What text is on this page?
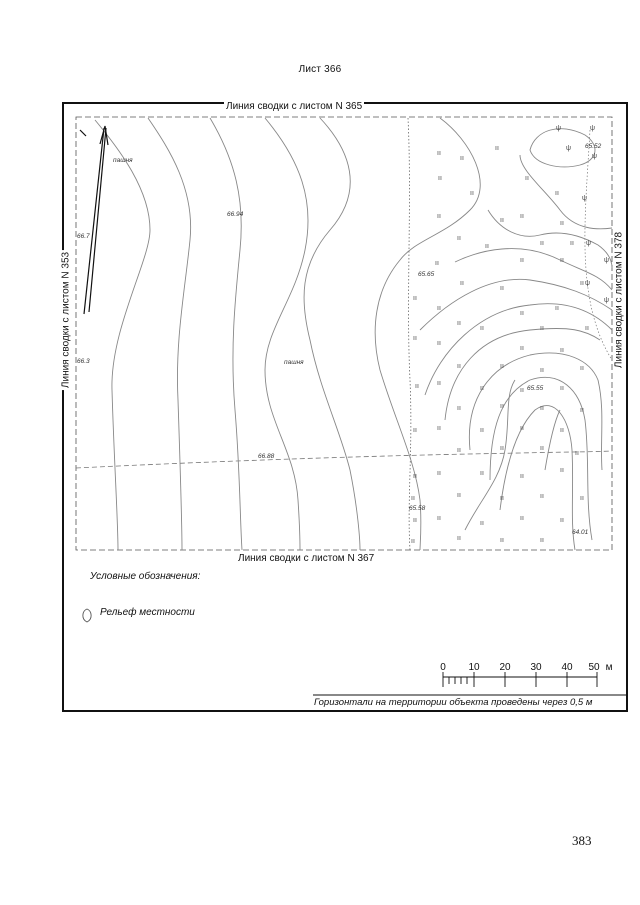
Лист 366
ıı
ıı
ıı
ıı
ıı
ıı
ıı
ıı
ıı
ıı
ıı
ıı
ıı	ıı	ıı
ıı	ıı	ıı
ıı
ıı
ıı
ıı
ıı
ıı
ıı
ıı
ıı	ıı	ıı
ıı
ıı
ıı	ıı
ıı	ıı
ıı	ıı
ıı	ıı
ıı	ıı	ıı
ıı	ıı	ıı	ıı
ıı	ıı	ıı	ıı	ıı
ıı	ıı	ıı
ıı
ıı	ıı	ıı	ıı
ıı
ıı	ıı	ıı	ıı	ıı
ıı	ıı
ıı
ıı	ıı
ıı	ıı	ıı	ıı
ψ	ψ
ψ
ψ
ψ
ψ
ψ
ψ
ψ
пашня
пашня
66.7
66.94
66.3
66.88
65.65
65.58
65.55
65.52
64.01
0 10 20 30 40 50 м
Линия сводки с листом N 365
Линия сводки с листом N 367
Линия сводки с листом N 353	Линия сводки с листом N 378
Условные обозначения:
Рельеф местности
Горизонтали на территории объекта проведены через 0,5 м
383
